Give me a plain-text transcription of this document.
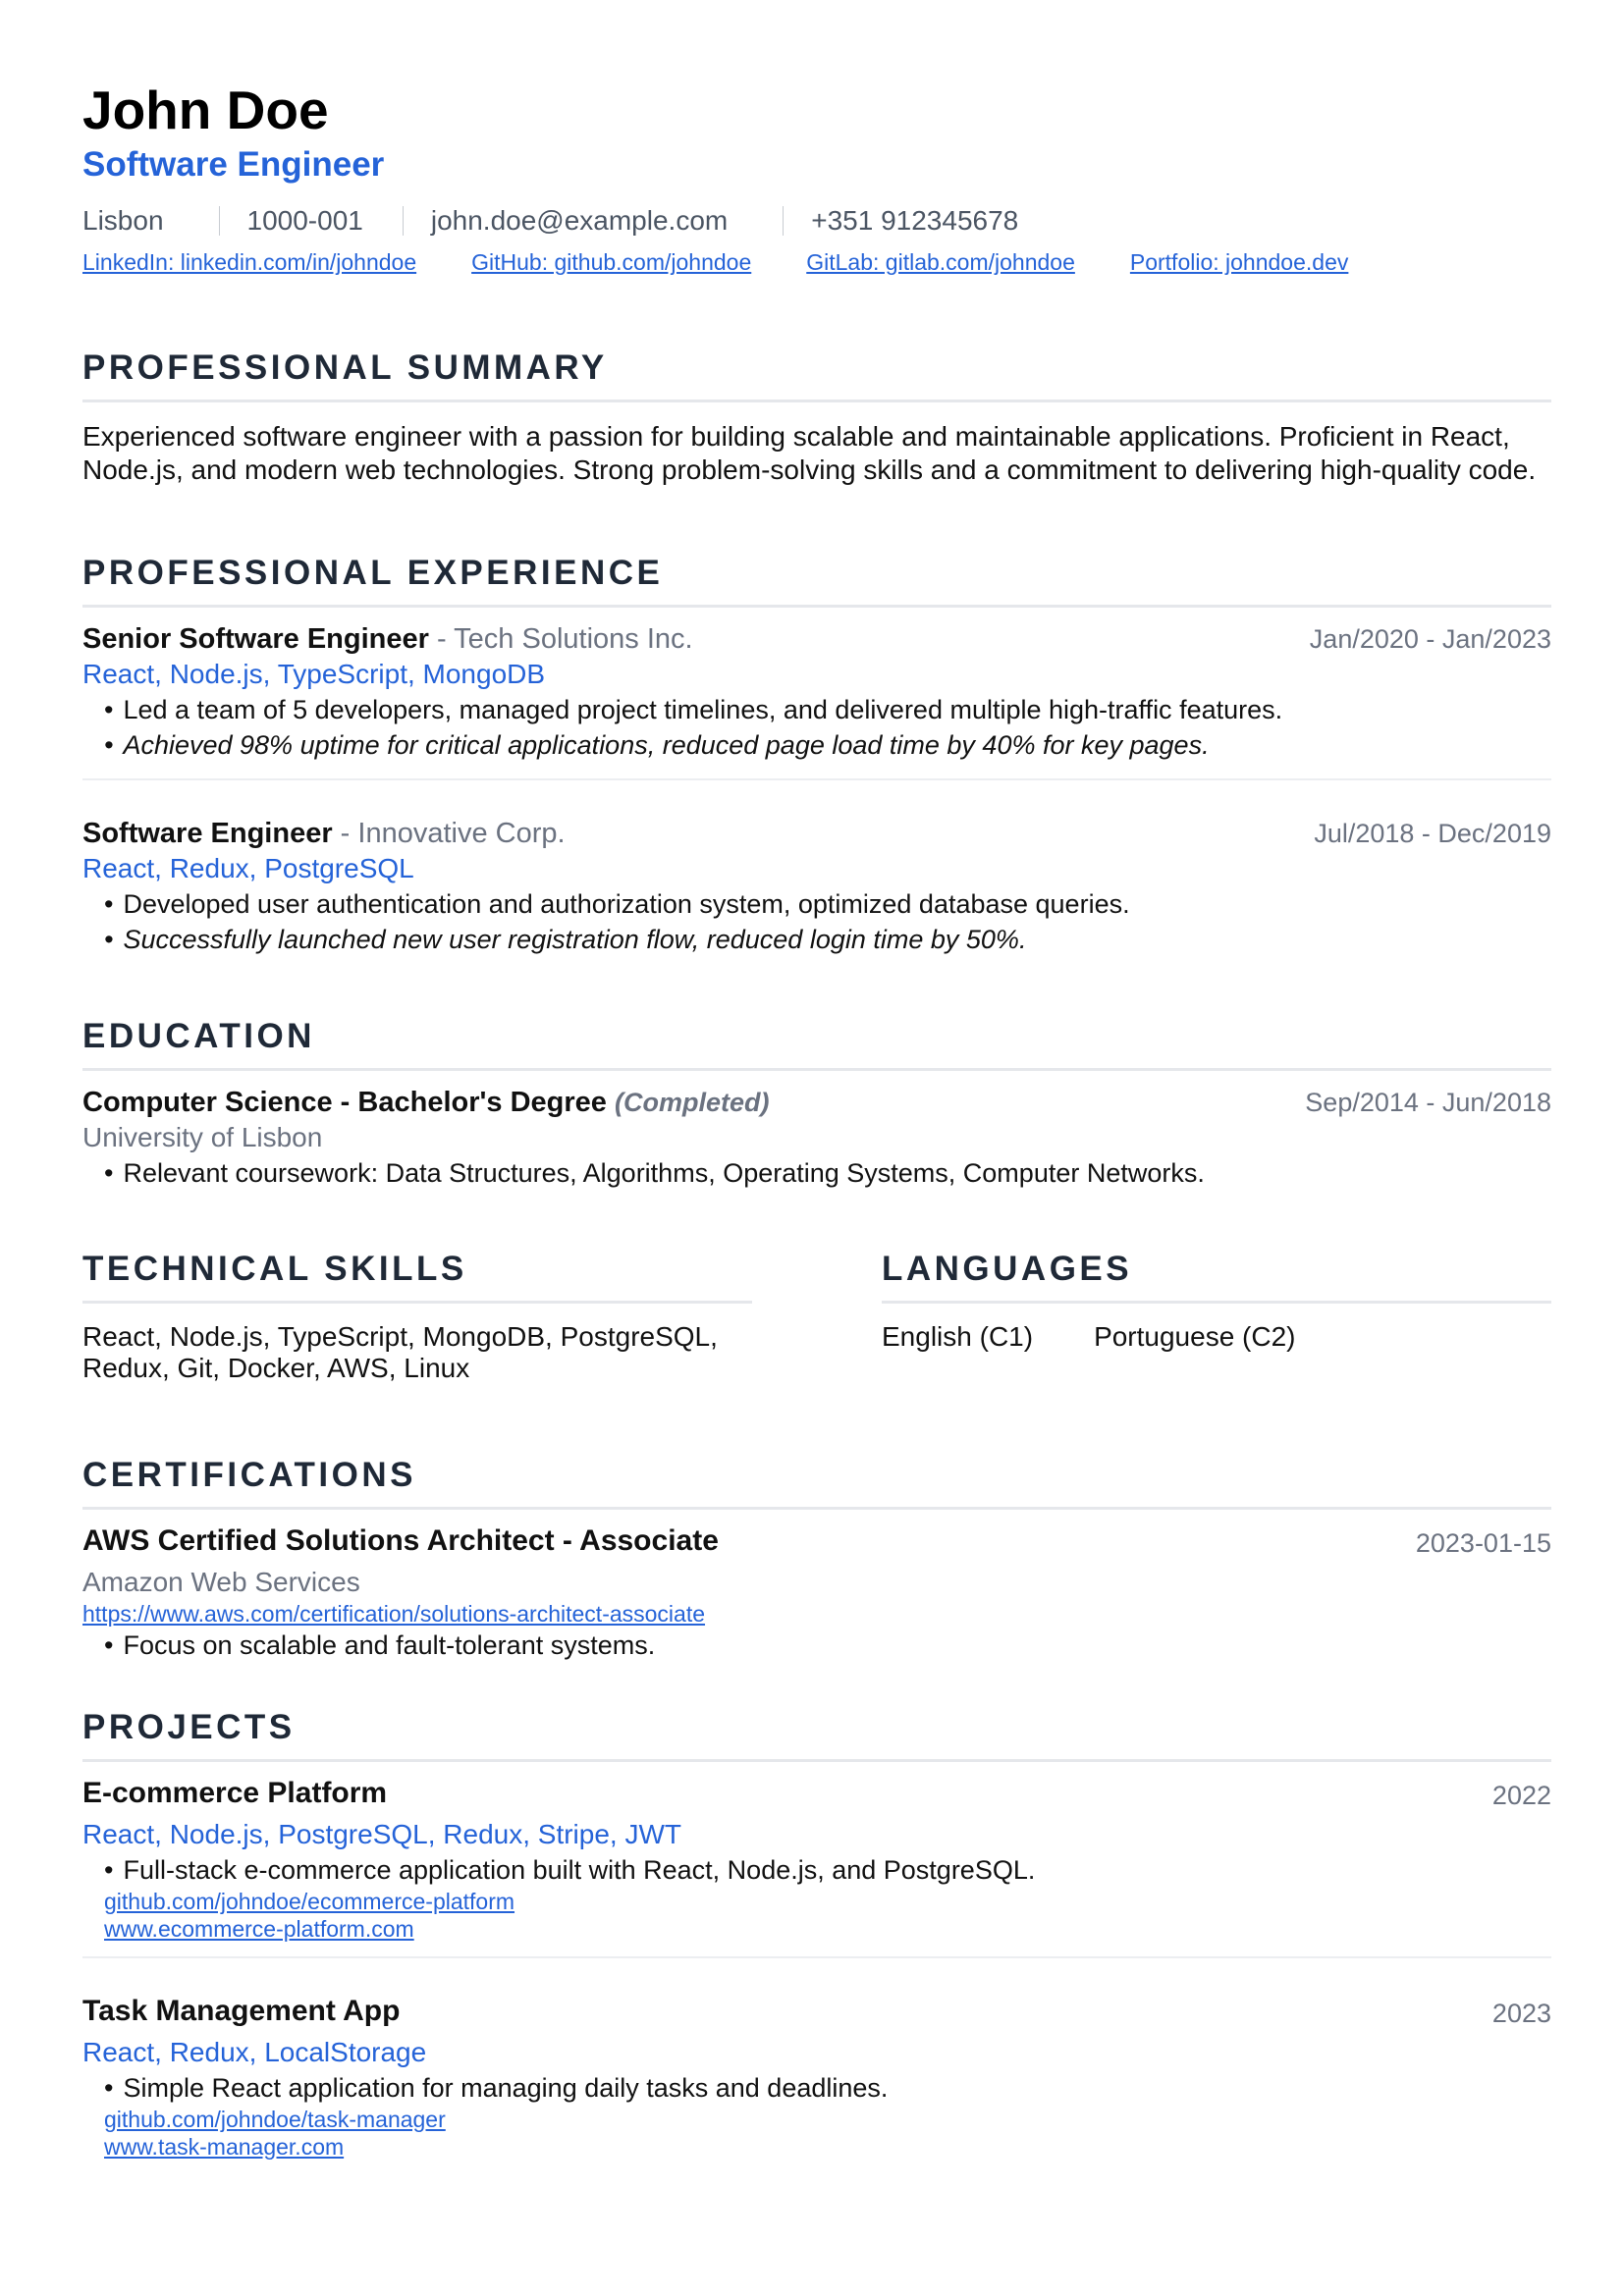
John Doe
Software Engineer
Lisbon	1000-001 john.doe@example.com	+351 912345678
LinkedIn: linkedin.com/in/johndoe GitHub: github.com/johndoe GitLab: gitlab.com/johndoe Portfolio: johndoe.dev
PROFESSIONAL SUMMARY
Experienced software engineer with a passion for building scalable and maintainable applications. Proficient in React, Node.js, and modern web technologies. Strong problem-solving skills and a commitment to delivering high-quality code.
PROFESSIONAL EXPERIENCE
Senior Software Engineer - Tech Solutions Inc.	Jan/2020 - Jan/2023
React, Node.js, TypeScript, MongoDB
• Led a team of 5 developers, managed project timelines, and delivered multiple high-traffic features.
• Achieved 98% uptime for critical applications, reduced page load time by 40% for key pages.
Software Engineer - Innovative Corp.	Jul/2018 - Dec/2019
React, Redux, PostgreSQL
• Developed user authentication and authorization system, optimized database queries.
• Successfully launched new user registration flow, reduced login time by 50%.
EDUCATION
Computer Science - Bachelor's Degree (Completed)	Sep/2014 - Jun/2018
University of Lisbon
• Relevant coursework: Data Structures, Algorithms, Operating Systems, Computer Networks.
TECHNICAL SKILLS
React, Node.js, TypeScript, MongoDB, PostgreSQL, Redux, Git, Docker, AWS, Linux
LANGUAGES
English (C1) Portuguese (C2)
CERTIFICATIONS
AWS Certified Solutions Architect - Associate	2023-01-15
Amazon Web Services
https://www.aws.com/certification/solutions-architect-associate
• Focus on scalable and fault-tolerant systems.
PROJECTS
E-commerce Platform	2022
React, Node.js, PostgreSQL, Redux, Stripe, JWT
• Full-stack e-commerce application built with React, Node.js, and PostgreSQL.
github.com/johndoe/ecommerce-platform
www.ecommerce-platform.com
Task Management App	2023
React, Redux, LocalStorage
• Simple React application for managing daily tasks and deadlines.
github.com/johndoe/task-manager
www.task-manager.com
